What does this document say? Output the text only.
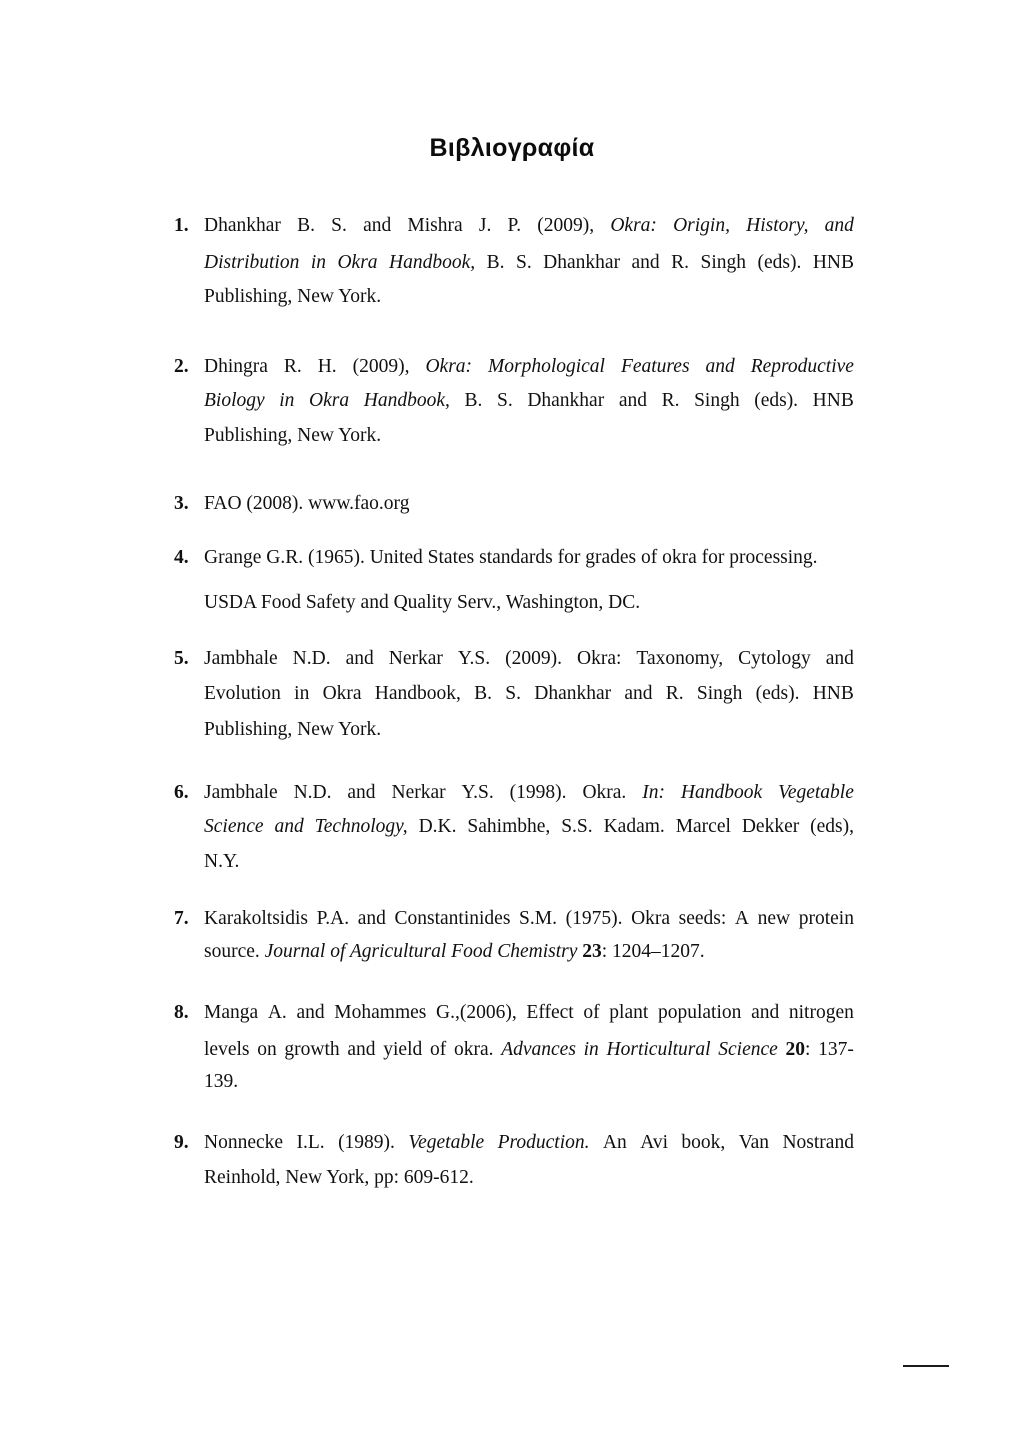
Βιβλιογραφία
1. Dhankhar B. S. and Mishra J. P. (2009), Okra: Origin, History, and
Distribution in Okra Handbook, B. S. Dhankhar and R. Singh (eds). HNB
Publishing, New York.
2. Dhingra R. H. (2009), Okra: Morphological Features and Reproductive
Biology in Okra Handbook, B. S. Dhankhar and R. Singh (eds). HNB
Publishing, New York.
3. FAO (2008). www.fao.org
4. Grange G.R. (1965). United States standards for grades of okra for processing.
USDA Food Safety and Quality Serv., Washington, DC.
5. Jambhale N.D. and Nerkar Y.S. (2009). Okra: Taxonomy, Cytology and
Evolution in Okra Handbook, B. S. Dhankhar and R. Singh (eds). HNB
Publishing, New York.
6. Jambhale N.D. and Nerkar Y.S. (1998). Okra. In: Handbook Vegetable
Science and Technology, D.K. Sahimbhe, S.S. Kadam. Marcel Dekker (eds),
N.Y.
7. Karakoltsidis P.A. and Constantinides S.M. (1975). Okra seeds: A new protein
source. Journal of Agricultural Food Chemistry 23 : 1204–1207.
8. Manga A. and Mohammes G.,(2006), Effect of plant population and nitrogen
levels on growth and yield of okra. Advances in Horticultural Science 20: 137-
139.
9. Nonnecke I.L. (1989). Vegetable Production. An Avi book, Van Nostrand
Reinhold, New York, pp: 609-612.
